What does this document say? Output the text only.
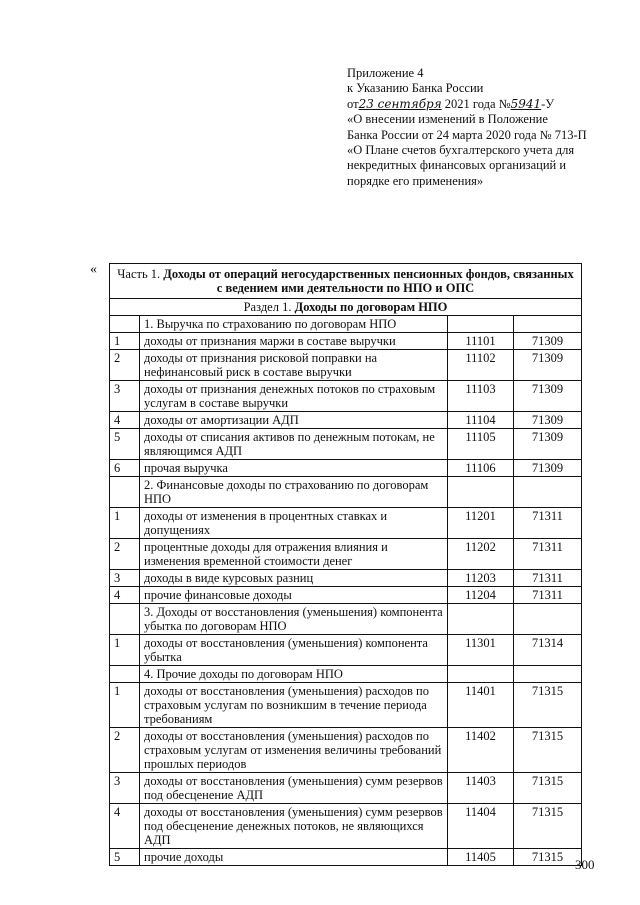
Приложение 4
к Указанию Банка России
от23 сентября 2021 года №5941-У
«О внесении изменений в Положение
Банка России от 24 марта 2020 года № 713-П
«О Плане счетов бухгалтерского учета для
некредитных финансовых организаций и
порядке его применения»
« Часть 1. Доходы от операций негосударственных пенсионных фондов, связанных с ведением ими деятельности по НПО и ОПС			
Раздел 1. Доходы по договорам НПО			
	1. Выручка по страхованию по договорам НПО		
1	доходы от признания маржи в составе выручки	11101	71309
2	доходы от признания рисковой поправки на нефинансовый риск в составе выручки	11102	71309
3	доходы от признания денежных потоков по страховым услугам в составе выручки	11103	71309
4	доходы от амортизации АДП	11104	71309
5	доходы от списания активов по денежным потокам, не являющимся АДП	11105	71309
6	прочая выручка	11106	71309
	2. Финансовые доходы по страхованию по договорам НПО		
1	доходы от изменения в процентных ставках и допущениях	11201	71311
2	процентные доходы для отражения влияния и изменения временной стоимости денег	11202	71311
3	доходы в виде курсовых разниц	11203	71311
4	прочие финансовые доходы	11204	71311
	3. Доходы от восстановления (уменьшения) компонента убытка по договорам НПО		
1	доходы от восстановления (уменьшения) компонента убытка	11301	71314
	4. Прочие доходы по договорам НПО		
1	доходы от восстановления (уменьшения) расходов по страховым услугам по возникшим в течение периода требованиям	11401	71315
2	доходы от восстановления (уменьшения) расходов по страховым услугам от изменения величины требований прошлых периодов	11402	71315
3	доходы от восстановления (уменьшения) сумм резервов под обесценение АДП	11403	71315
4	доходы от восстановления (уменьшения) сумм резервов под обесценение денежных потоков, не являющихся АДП	11404	71315
5	прочие доходы	11405	71315 300
